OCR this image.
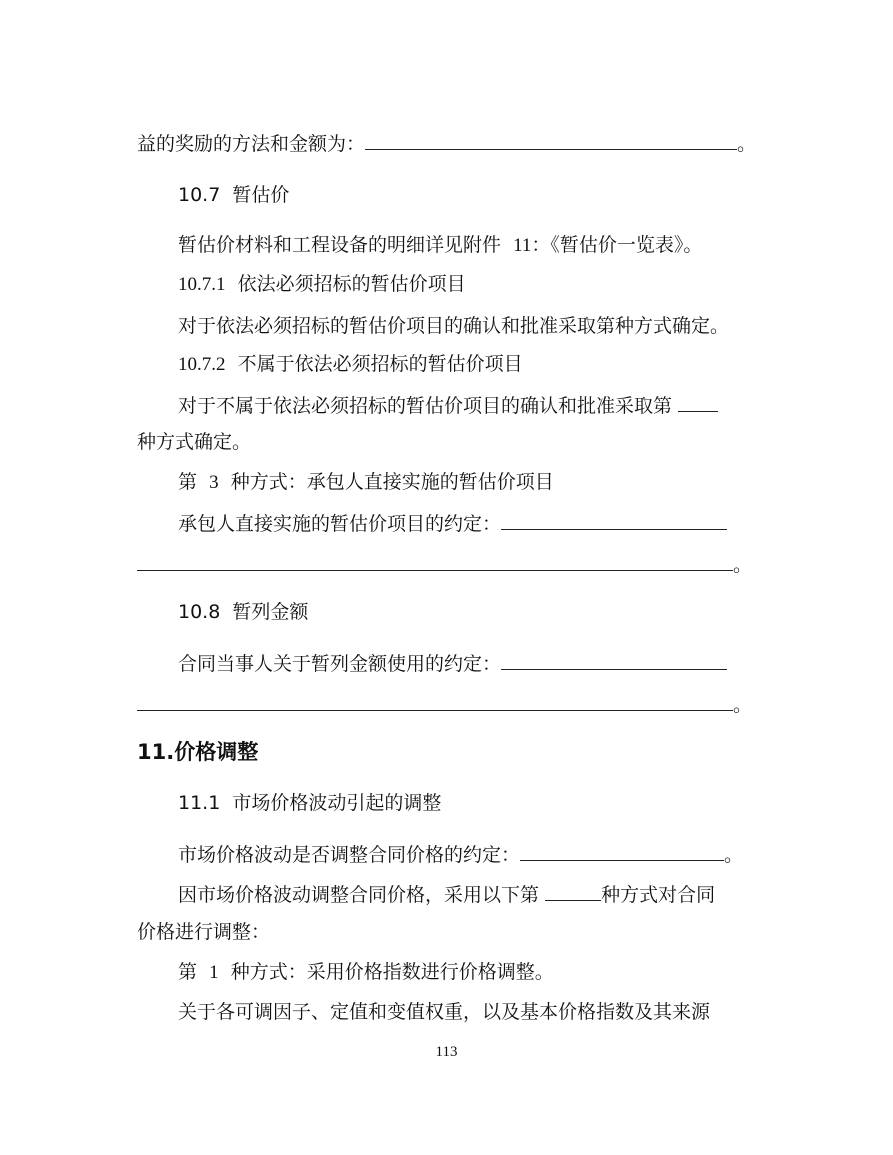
益的奖励的方法和金额为：	。
10.7 暂估价
暂估价材料和工程设备的明细详见附件 11：《暂估价一览表》。
10.7.1 依法必须招标的暂估价项目
对于依法必须招标的暂估价项目的确认和批准采取第种方式确定。
10.7.2 不属于依法必须招标的暂估价项目
对于不属于依法必须招标的暂估价项目的确认和批准采取第
种方式确定。
第 3 种方式：承包人直接实施的暂估价项目
承包人直接实施的暂估价项目的约定：
。
10.8 暂列金额
合同当事人关于暂列金额使用的约定：
。
11.价格调整
11.1 市场价格波动引起的调整
市场价格波动是否调整合同价格的约定：	。
因市场价格波动调整合同价格，采用以下第	种方式对合同
价格进行调整：
第 1 种方式：采用价格指数进行价格调整。
关于各可调因子、定值和变值权重，以及基本价格指数及其来源
113
